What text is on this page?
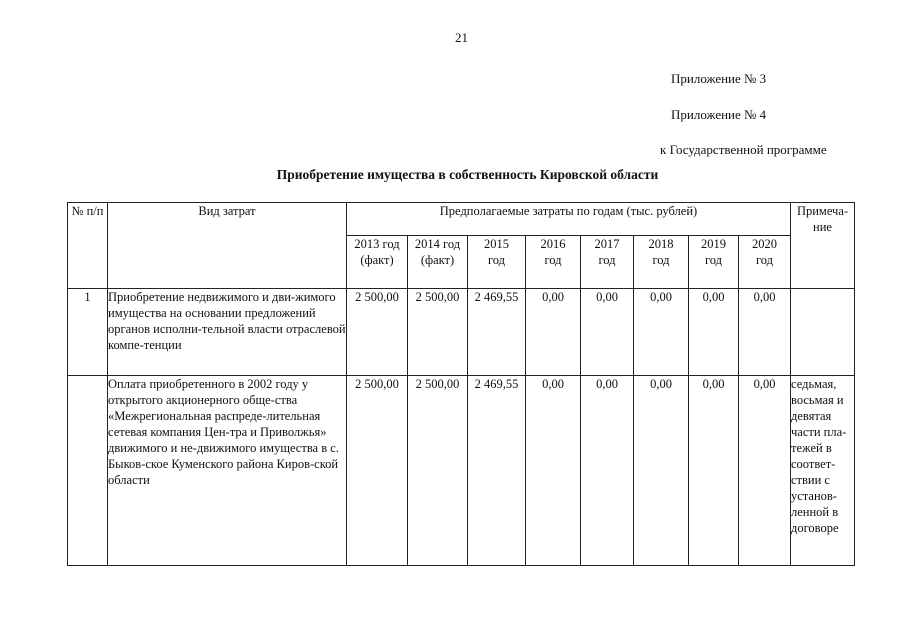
21
Приложение № 3
Приложение № 4
к Государственной программе
Приобретение имущества в собственность Кировской области
№ п/п	Вид затрат	Предполагаемые затраты по годам (тыс. рублей)								Примеча-ние
		2013 год (факт)	2014 год (факт)	2015 год	2016 год	2017 год	2018 год	2019 год	2020 год	
1	Приобретение недвижимого и дви-жимого имущества на основании предложений органов исполни-тельной власти отраслевой компе-тенции	2 500,00	2 500,00	2 469,55	0,00	0,00	0,00	0,00	0,00	
	Оплата приобретенного в 2002 году у открытого акционерного обще-ства «Межрегиональная распреде-лительная сетевая компания Цен-тра и Приволжья» движимого и не-движимого имущества в с. Быков-ское Куменского района Киров-ской области	2 500,00	2 500,00	2 469,55	0,00	0,00	0,00	0,00	0,00	седьмая, восьмая и девятая части пла-тежей в соответ-ствии с установ-ленной в договоре
